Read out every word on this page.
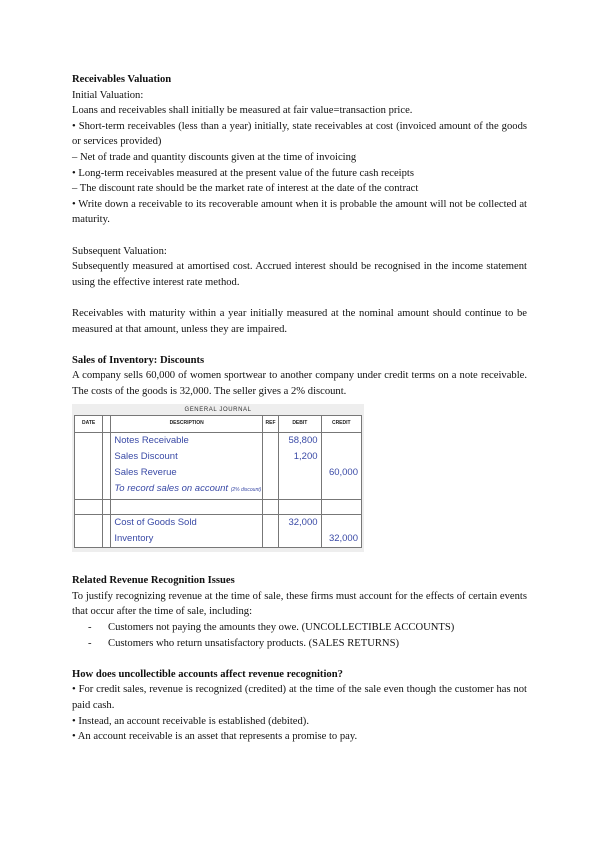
Receivables Valuation

Initial Valuation:

Loans and receivables shall initially be measured at fair value=transaction price.

• Short-term receivables (less than a year) initially, state receivables at cost (invoiced amount of the goods or services provided)

– Net of trade and quantity discounts given at the time of invoicing

• Long-term receivables measured at the present value of the future cash receipts

– The discount rate should be the market rate of interest at the date of the contract

• Write down a receivable to its recoverable amount when it is probable the amount will not be collected at maturity.

Subsequent Valuation:

Subsequently measured at amortised cost. Accrued interest should be recognised in the income statement using the effective interest rate method.

Receivables with maturity within a year initially measured at the nominal amount should continue to be measured at that amount, unless they are impaired.

Sales of Inventory: Discounts

A company sells 60,000 of women sportwear to another company under credit terms on a note receivable. The costs of the goods is 32,000. The seller gives a 2% discount.

GENERAL JOURNAL
DATE		DESCRIPTION	REF	DEBIT	CREDIT
		Notes Receivable		58,800	
		Sales Discount		1,200	
		Sales Reverue			60,000
		To record sales on account (2% discount)			

		Cost of Goods Sold		32,000	
		Inventory			32,000

Related Revenue Recognition Issues

To justify recognizing revenue at the time of sale, these firms must account for the effects of certain events that occur after the time of sale, including:

-	Customers not paying the amounts they owe. (UNCOLLECTIBLE ACCOUNTS)
-	Customers who return unsatisfactory products. (SALES RETURNS)

How does uncollectible accounts affect revenue recognition?

• For credit sales, revenue is recognized (credited) at the time of the sale even though the customer has not paid cash.

• Instead, an account receivable is established (debited).

• An account receivable is an asset that represents a promise to pay.
